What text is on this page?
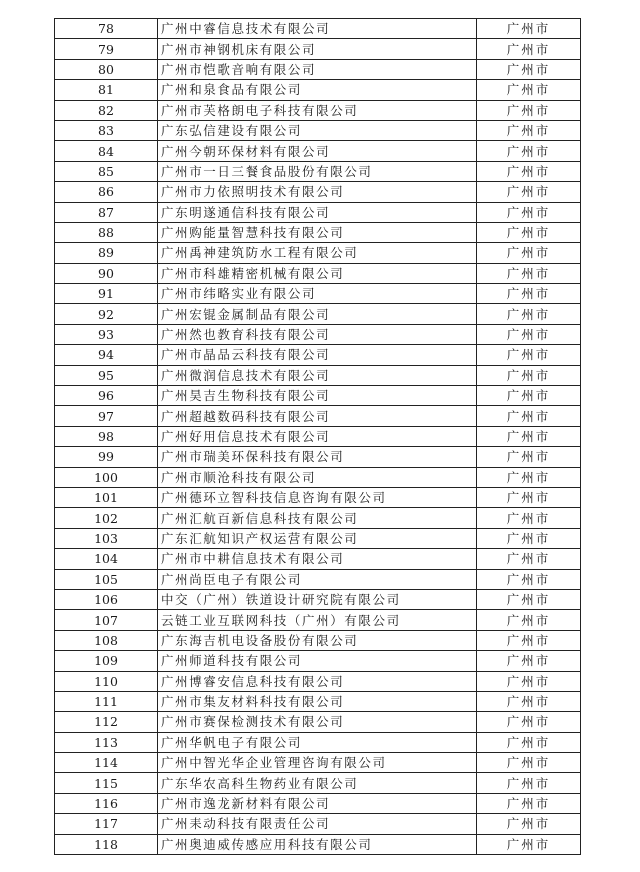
78	广州中睿信息技术有限公司	广州市
79	广州市神钢机床有限公司	广州市
80	广州市恺歌音响有限公司	广州市
81	广州和泉食品有限公司	广州市
82	广州市芙格朗电子科技有限公司	广州市
83	广东弘信建设有限公司	广州市
84	广州今朝环保材料有限公司	广州市
85	广州市一日三餐食品股份有限公司	广州市
86	广州市力依照明技术有限公司	广州市
87	广东明遂通信科技有限公司	广州市
88	广州购能量智慧科技有限公司	广州市
89	广州禹神建筑防水工程有限公司	广州市
90	广州市科雄精密机械有限公司	广州市
91	广州市纬略实业有限公司	广州市
92	广州宏锟金属制品有限公司	广州市
93	广州然也教育科技有限公司	广州市
94	广州市晶品云科技有限公司	广州市
95	广州微润信息技术有限公司	广州市
96	广州昊吉生物科技有限公司	广州市
97	广州超越数码科技有限公司	广州市
98	广州好用信息技术有限公司	广州市
99	广州市瑞美环保科技有限公司	广州市
100	广州市顺沧科技有限公司	广州市
101	广州德环立智科技信息咨询有限公司	广州市
102	广州汇航百新信息科技有限公司	广州市
103	广东汇航知识产权运营有限公司	广州市
104	广州市中耕信息技术有限公司	广州市
105	广州尚臣电子有限公司	广州市
106	中交（广州）铁道设计研究院有限公司	广州市
107	云链工业互联网科技（广州）有限公司	广州市
108	广东海吉机电设备股份有限公司	广州市
109	广州师道科技有限公司	广州市
110	广州博睿安信息科技有限公司	广州市
111	广州市集友材料科技有限公司	广州市
112	广州市赛保检测技术有限公司	广州市
113	广州华帆电子有限公司	广州市
114	广州中智光华企业管理咨询有限公司	广州市
115	广东华农高科生物药业有限公司	广州市
116	广州市逸龙新材料有限公司	广州市
117	广州耒动科技有限责任公司	广州市
118	广州奥迪威传感应用科技有限公司	广州市
